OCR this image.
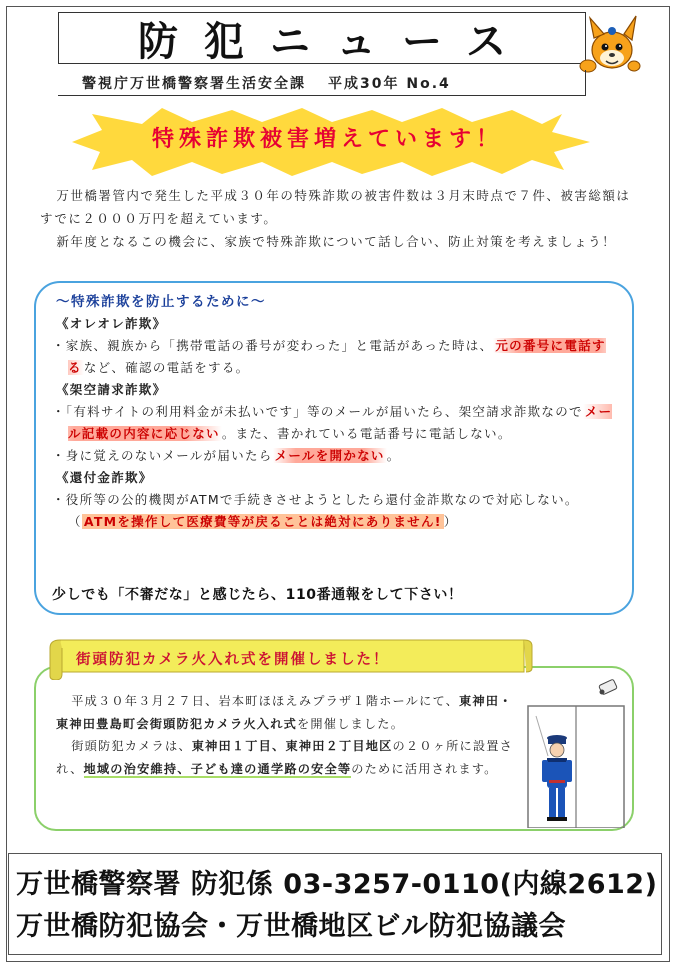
防犯ニュース
警視庁万世橋警察署生活安全課 平成30年 No.4
特殊詐欺被害増えています！

万世橋署管内で発生した平成３０年の特殊詐欺の被害件数は３月末時点で７件、被害総額はすでに２０００万円を超えています。

新年度となるこの機会に、家族で特殊詐欺について話し合い、防止対策を考えましょう！

～特殊詐欺を防止するために～
《オレオレ詐欺》
・家族、親族から「携帯電話の番号が変わった」と電話があった時は、 元の番号に電話する など、確認の電話をする。
《架空請求詐欺》
・「有料サイトの利用料金が未払いです」等のメールが届いたら、架空請求詐欺なので メール記載の内容に応じない 。また、書かれている電話番号に電話しない。
・身に覚えのないメールが届いたら メールを開かない 。
《還付金詐欺》
・役所等の公的機関がATMで手続きさせようとしたら還付金詐欺なので対応しない。（ ATMを操作して医療費等が戻ることは絶対にありません! ）
少しでも「不審だな」と感じたら、110番通報をして下さい！
街頭防犯カメラ火入れ式を開催しました！

平成３０年３月２７日、岩本町ほほえみプラザ１階ホールにて、東神田・東神田豊島町会街頭防犯カメラ火入れ式を開催しました。

街頭防犯カメラは、東神田１丁目、東神田２丁目地区の２０ヶ所に設置され、地域の治安維持、子ども達の通学路の安全等のために活用されます。

万世橋警察署 防犯係 03-3257-0110(内線2612)
万世橋防犯協会・万世橋地区ビル防犯協議会
